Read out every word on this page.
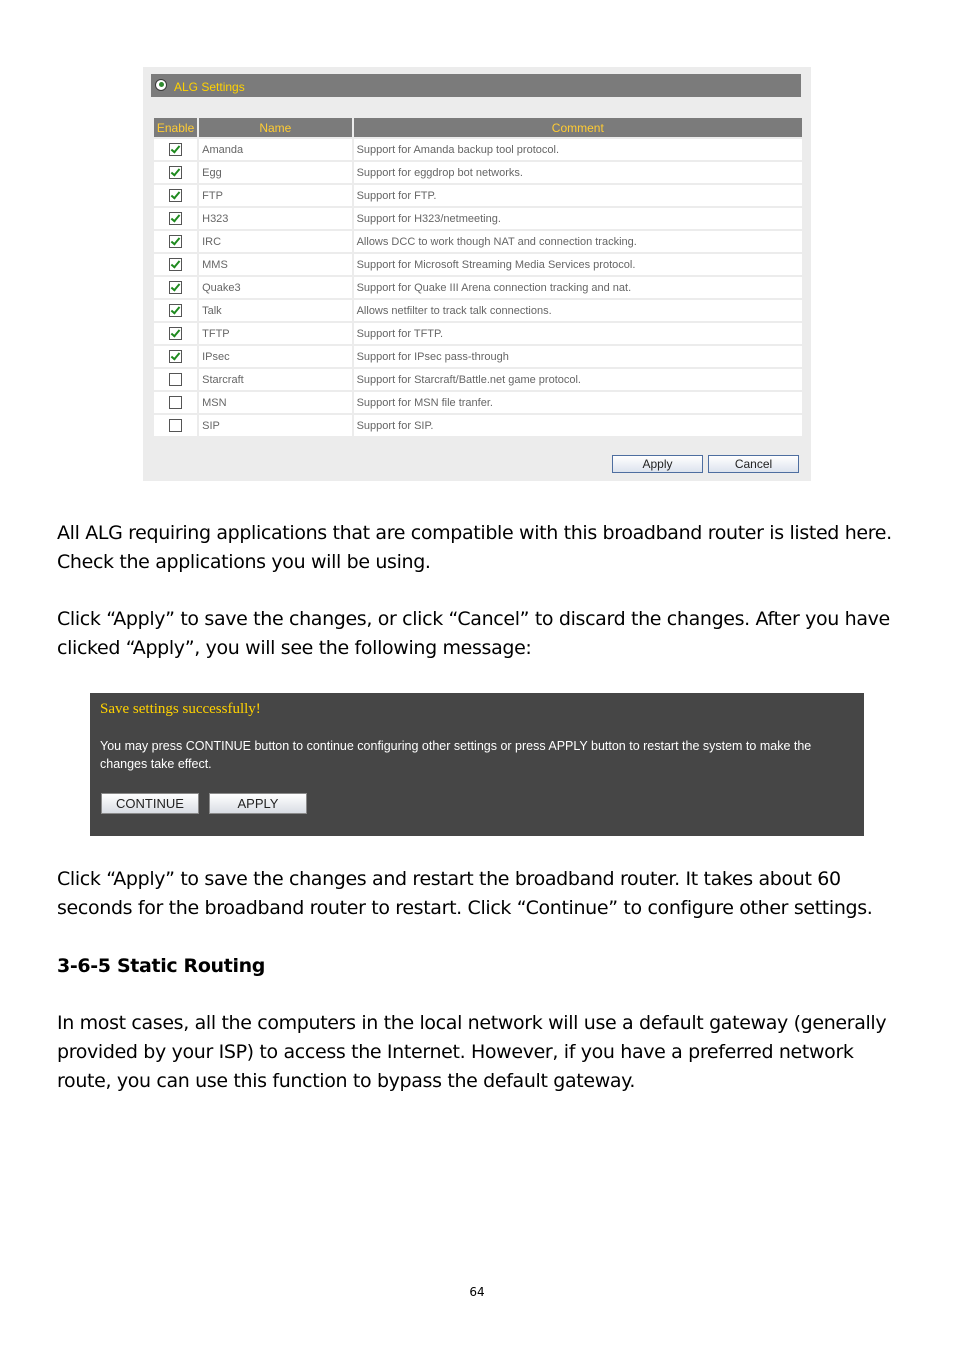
ALG Settings
Enable	Name	Comment
	Amanda	Support for Amanda backup tool protocol.
	Egg	Support for eggdrop bot networks.
	FTP	Support for FTP.
	H323	Support for H323/netmeeting.
	IRC	Allows DCC to work though NAT and connection tracking.
	MMS	Support for Microsoft Streaming Media Services protocol.
	Quake3	Support for Quake III Arena connection tracking and nat.
	Talk	Allows netfilter to track talk connections.
	TFTP	Support for TFTP.
	IPsec	Support for IPsec pass-through
	Starcraft	Support for Starcraft/Battle.net game protocol.
	MSN	Support for MSN file tranfer.
	SIP	Support for SIP.
Apply	Cancel

All ALG requiring applications that are compatible with this broadband router is listed here. Check the applications you will be using.

Click “Apply” to save the changes, or click “Cancel” to discard the changes. After you have clicked “Apply”, you will see the following message:

Save settings successfully!
You may press CONTINUE button to continue configuring other settings or press APPLY button to restart the system to make the changes take effect.
CONTINUE	APPLY

Click “Apply” to save the changes and restart the broadband router. It takes about 60 seconds for the broadband router to restart. Click “Continue” to configure other settings.

3-6-5 Static Routing

In most cases, all the computers in the local network will use a default gateway (generally provided by your ISP) to access the Internet. However, if you have a preferred network route, you can use this function to bypass the default gateway.

64
